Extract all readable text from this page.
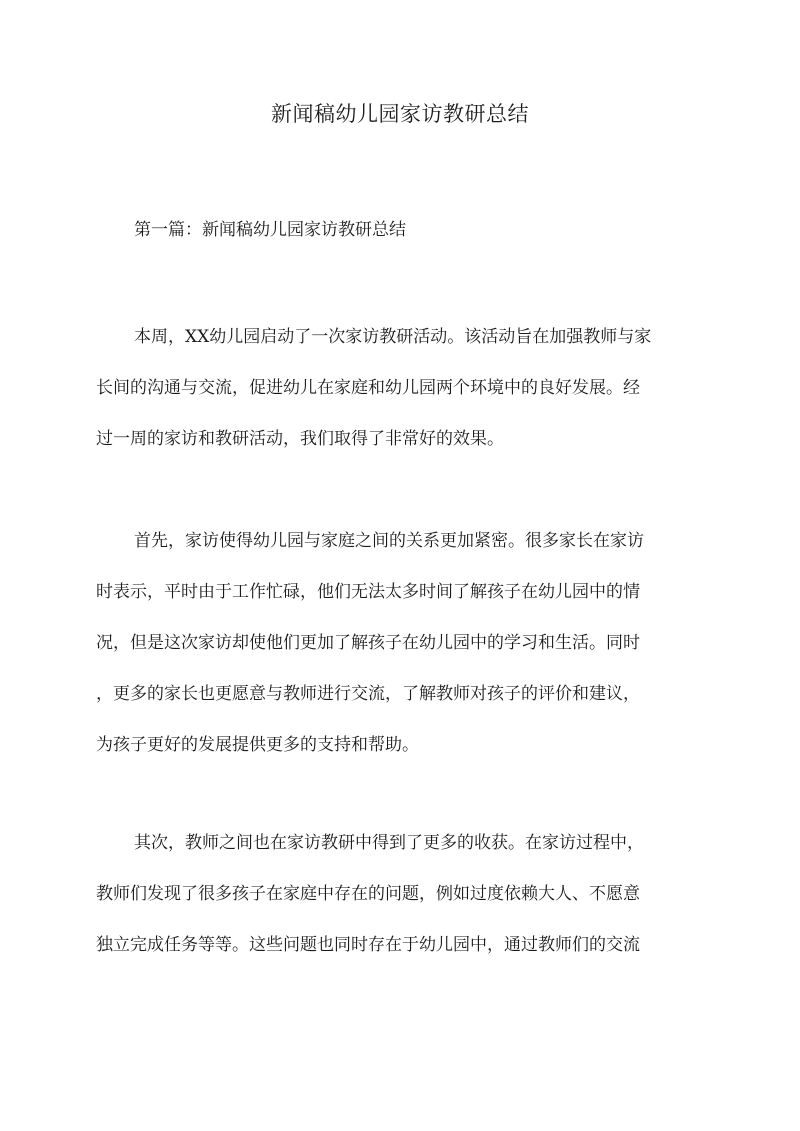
新闻稿幼儿园家访教研总结

第一篇：新闻稿幼儿园家访教研总结

本周，XX幼儿园启动了一次家访教研活动。该活动旨在加强教师与家
长间的沟通与交流，促进幼儿在家庭和幼儿园两个环境中的良好发展。经
过一周的家访和教研活动，我们取得了非常好的效果。
首先，家访使得幼儿园与家庭之间的关系更加紧密。很多家长在家访
时表示，平时由于工作忙碌，他们无法太多时间了解孩子在幼儿园中的情
况，但是这次家访却使他们更加了解孩子在幼儿园中的学习和生活。同时
，更多的家长也更愿意与教师进行交流，了解教师对孩子的评价和建议，
为孩子更好的发展提供更多的支持和帮助。
其次，教师之间也在家访教研中得到了更多的收获。在家访过程中，
教师们发现了很多孩子在家庭中存在的问题，例如过度依赖大人、不愿意
独立完成任务等等。这些问题也同时存在于幼儿园中，通过教师们的交流
